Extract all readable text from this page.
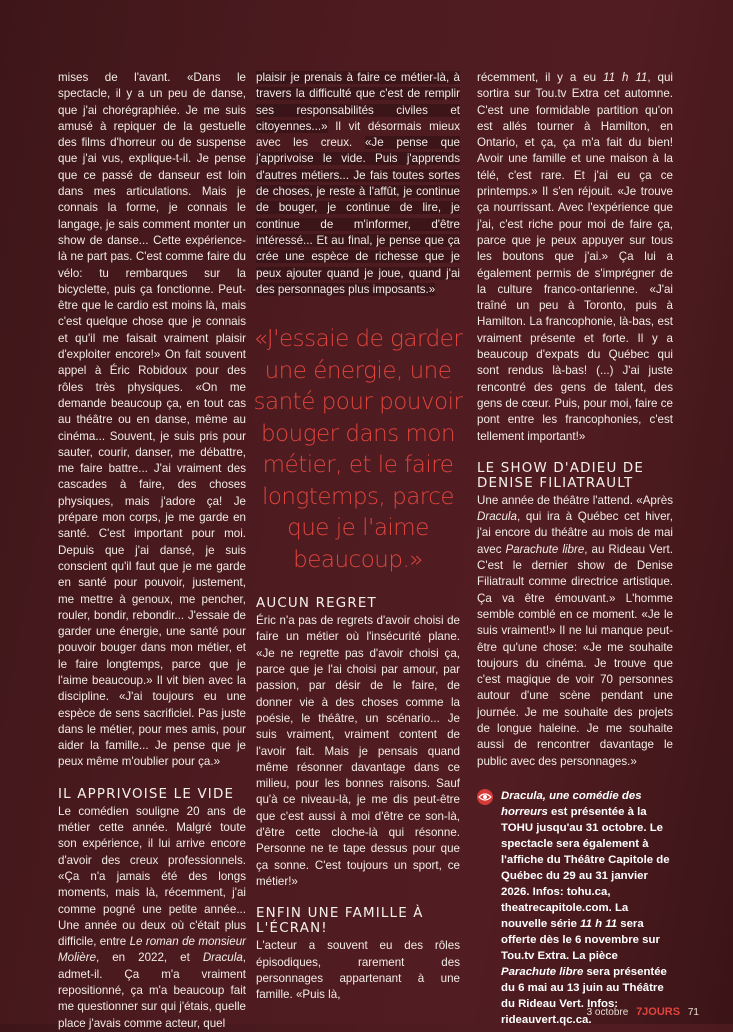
mises de l'avant. «Dans le spectacle, il y a un peu de danse, que j'ai chorégraphiée. Je me suis amusé à repiquer de la gestuelle des films d'horreur ou de suspense que j'ai vus, explique-t-il. Je pense que ce passé de danseur est loin dans mes articulations. Mais je connais la forme, je connais le langage, je sais comment monter un show de danse... Cette expérience-là ne part pas. C'est comme faire du vélo: tu rembarques sur la bicyclette, puis ça fonctionne. Peut-être que le cardio est moins là, mais c'est quelque chose que je connais et qu'il me faisait vraiment plaisir d'exploiter encore!» On fait souvent appel à Éric Robidoux pour des rôles très physiques. «On me demande beaucoup ça, en tout cas au théâtre ou en danse, même au cinéma... Souvent, je suis pris pour sauter, courir, danser, me débattre, me faire battre... J'ai vraiment des cascades à faire, des choses physiques, mais j'adore ça! Je prépare mon corps, je me garde en santé. C'est important pour moi. Depuis que j'ai dansé, je suis conscient qu'il faut que je me garde en santé pour pouvoir, justement, me mettre à genoux, me pencher, rouler, bondir, rebondir... J'essaie de garder une énergie, une santé pour pouvoir bouger dans mon métier, et le faire longtemps, parce que je l'aime beaucoup.» Il vit bien avec la discipline. «J'ai toujours eu une espèce de sens sacrificiel. Pas juste dans le métier, pour mes amis, pour aider la famille... Je pense que je peux même m'oublier pour ça.»

IL APPRIVOISE LE VIDE

Le comédien souligne 20 ans de métier cette année. Malgré toute son expérience, il lui arrive encore d'avoir des creux professionnels. «Ça n'a jamais été des longs moments, mais là, récemment, j'ai comme pogné une petite année... Une année ou deux où c'était plus difficile, entre Le roman de monsieur Molière, en 2022, et Dracula, admet-il. Ça m'a vraiment repositionné, ça m'a beaucoup fait me questionner sur qui j'étais, quelle place j'avais comme acteur, quel

plaisir je prenais à faire ce métier-là, à travers la difficulté que c'est de remplir ses responsabilités civiles et citoyennes...» Il vit désormais mieux avec les creux. «Je pense que j'apprivoise le vide. Puis j'apprends d'autres métiers... Je fais toutes sortes de choses, je reste à l'affût, je continue de bouger, je continue de lire, je continue de m'informer, d'être intéressé... Et au final, je pense que ça crée une espèce de richesse que je peux ajouter quand je joue, quand j'ai des personnages plus imposants.»

«J'essaie de garder une énergie, une santé pour pouvoir bouger dans mon métier, et le faire longtemps, parce que je l'aime beaucoup.»
AUCUN REGRET

Éric n'a pas de regrets d'avoir choisi de faire un métier où l'insécurité plane. «Je ne regrette pas d'avoir choisi ça, parce que je l'ai choisi par amour, par passion, par désir de le faire, de donner vie à des choses comme la poésie, le théâtre, un scénario... Je suis vraiment, vraiment content de l'avoir fait. Mais je pensais quand même résonner davantage dans ce milieu, pour les bonnes raisons. Sauf qu'à ce niveau-là, je me dis peut-être que c'est aussi à moi d'être ce son-là, d'être cette cloche-là qui résonne. Personne ne te tape dessus pour que ça sonne. C'est toujours un sport, ce métier!»

ENFIN UNE FAMILLE À L'ÉCRAN!

L'acteur a souvent eu des rôles épisodiques, rarement des personnages appartenant à une famille. «Puis là,

récemment, il y a eu 11 h 11, qui sortira sur Tou.tv Extra cet automne. C'est une formidable partition qu'on est allés tourner à Hamilton, en Ontario, et ça, ça m'a fait du bien! Avoir une famille et une maison à la télé, c'est rare. Et j'ai eu ça ce printemps.» Il s'en réjouit. «Je trouve ça nourrissant. Avec l'expérience que j'ai, c'est riche pour moi de faire ça, parce que je peux appuyer sur tous les boutons que j'ai.» Ça lui a également permis de s'imprégner de la culture franco-ontarienne. «J'ai traîné un peu à Toronto, puis à Hamilton. La francophonie, là-bas, est vraiment présente et forte. Il y a beaucoup d'expats du Québec qui sont rendus là-bas! (...) J'ai juste rencontré des gens de talent, des gens de cœur. Puis, pour moi, faire ce pont entre les francophonies, c'est tellement important!»

LE SHOW D'ADIEU DE DENISE FILIATRAULT

Une année de théâtre l'attend. «Après Dracula, qui ira à Québec cet hiver, j'ai encore du théâtre au mois de mai avec Parachute libre, au Rideau Vert. C'est le dernier show de Denise Filiatrault comme directrice artistique. Ça va être émouvant.» L'homme semble comblé en ce moment. «Je le suis vraiment!» Il ne lui manque peut-être qu'une chose: «Je me souhaite toujours du cinéma. Je trouve que c'est magique de voir 70 personnes autour d'une scène pendant une journée. Je me souhaite des projets de longue haleine. Je me souhaite aussi de rencontrer davantage le public avec des personnages.»

Dracula, une comédie des horreurs est présentée à la TOHU jusqu'au 31 octobre. Le spectacle sera également à l'affiche du Théâtre Capitole de Québec du 29 au 31 janvier 2026. Infos: tohu.ca, theatrecapitole.com. La nouvelle série 11 h 11 sera offerte dès le 6 novembre sur Tou.tv Extra. La pièce Parachute libre sera présentée du 6 mai au 13 juin au Théâtre du Rideau Vert. Infos: rideauvert.qc.ca.

3 octobre 7JOURS 71
